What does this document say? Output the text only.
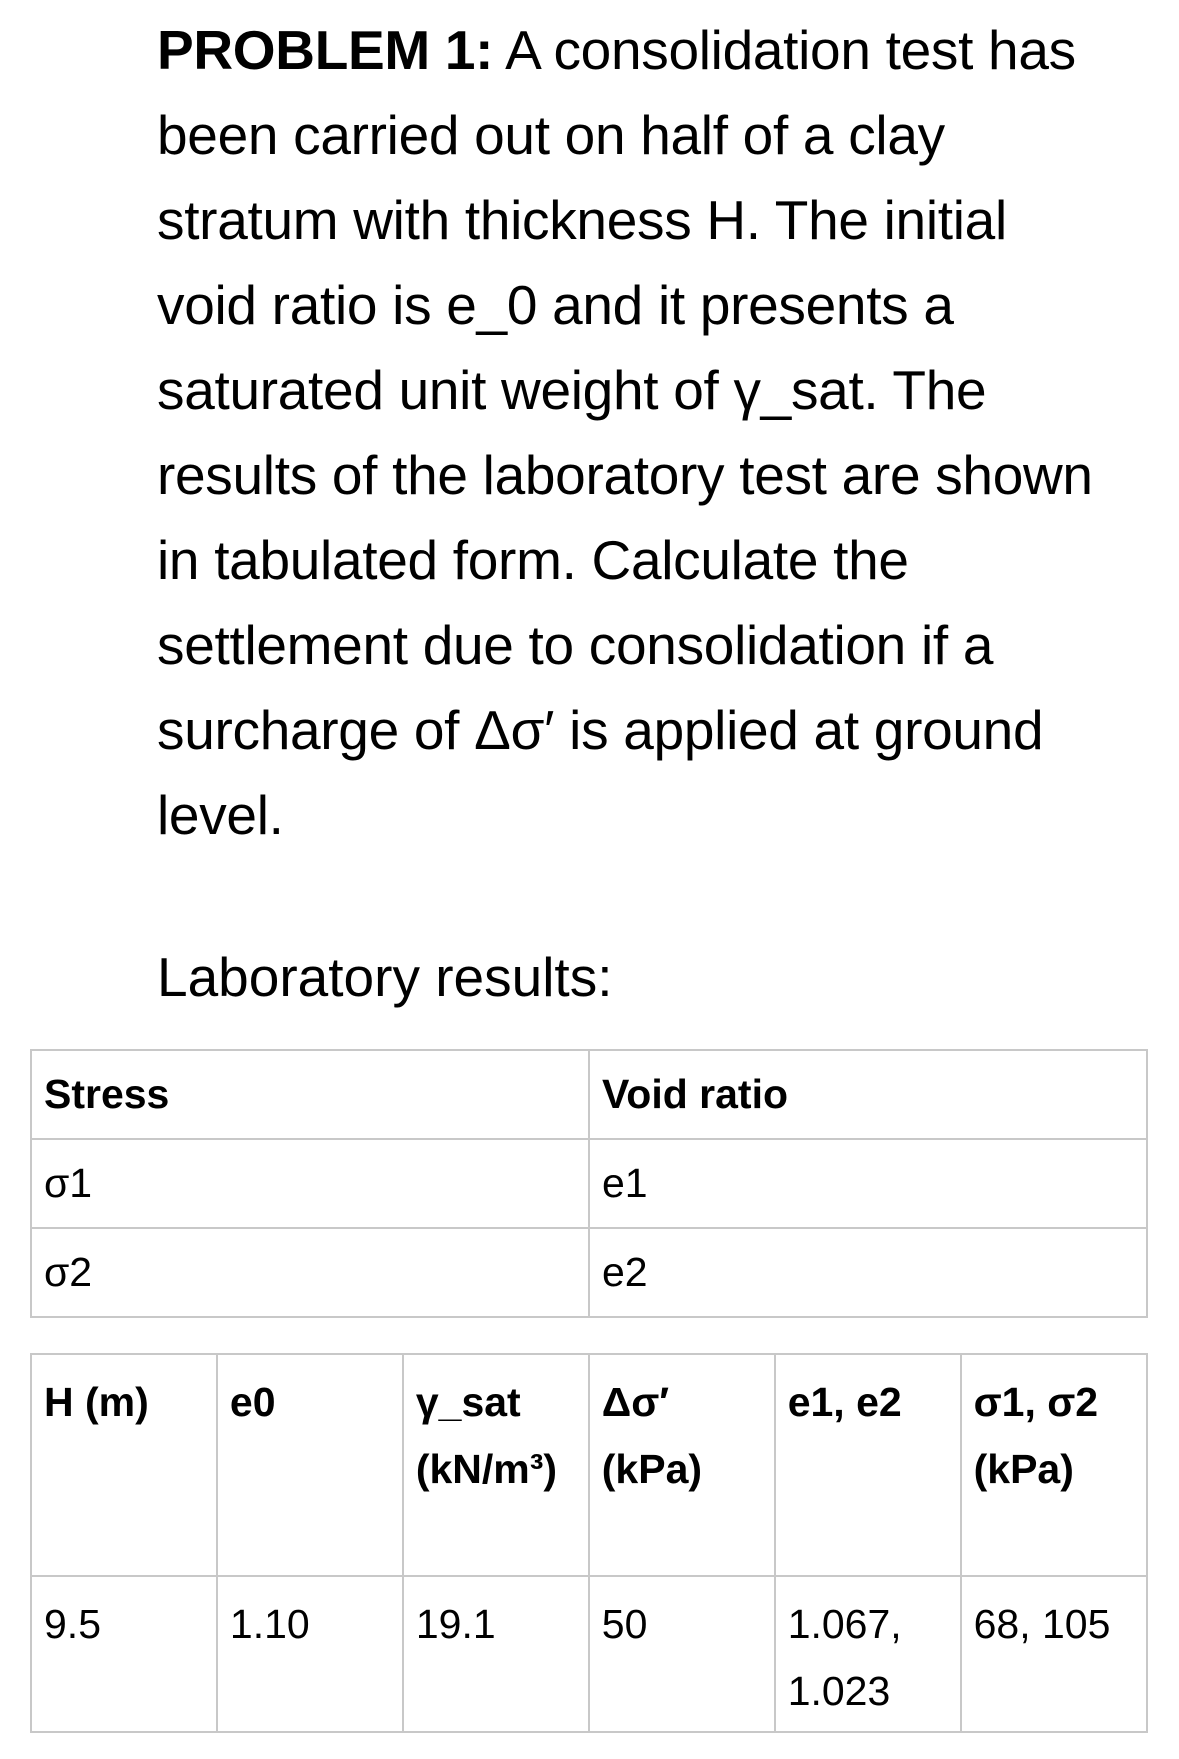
PROBLEM 1: A consolidation test has been carried out on half of a clay stratum with thickness H. The initial void ratio is e_0 and it presents a saturated unit weight of γ_sat. The results of the laboratory test are shown in tabulated form. Calculate the settlement due to consolidation if a surcharge of Δσ′ is applied at ground level.
Laboratory results:
Stress	Void ratio
σ1	e1
σ2	e2
H (m)	e0	γ_sat (kN/m³)	Δσ′ (kPa)	e1, e2	σ1, σ2 (kPa)
9.5	1.10	19.1	50	1.067, 1.023	68, 105
